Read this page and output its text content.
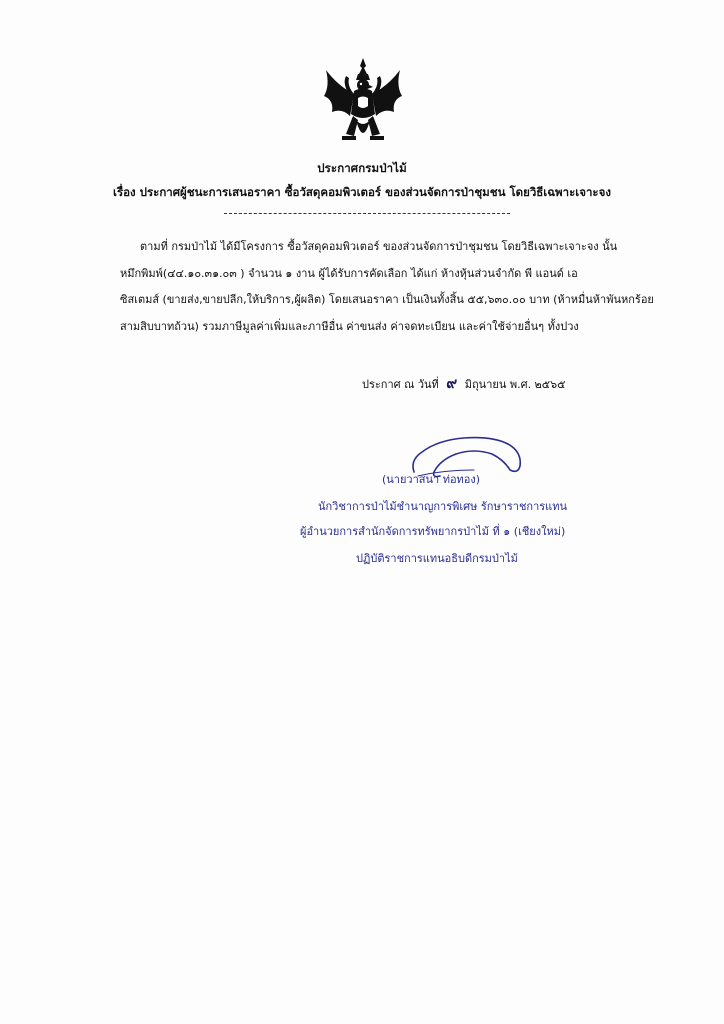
ประกาศกรมป่าไม้
เรื่อง ประกาศผู้ชนะการเสนอราคา ซื้อวัสดุคอมพิวเตอร์ ของส่วนจัดการป่าชุมชน โดยวิธีเฉพาะเจาะจง
ตามที่ กรมป่าไม้ ได้มีโครงการ ซื้อวัสดุคอมพิวเตอร์ ของส่วนจัดการป่าชุมชน โดยวิธีเฉพาะเจาะจง นั้น
หมึกพิมพ์(๔๔.๑๐.๓๑.๐๓ ) จำนวน ๑ งาน ผู้ได้รับการคัดเลือก ได้แก่ ห้างหุ้นส่วนจำกัด พี แอนด์ เอ
ซิสเตมส์ (ขายส่ง,ขายปลีก,ให้บริการ,ผู้ผลิต) โดยเสนอราคา เป็นเงินทั้งสิ้น ๕๕,๖๓๐.๐๐ บาท (ห้าหมื่นห้าพันหกร้อย
สามสิบบาทถ้วน) รวมภาษีมูลค่าเพิ่มและภาษีอื่น ค่าขนส่ง ค่าจดทะเบียน และค่าใช้จ่ายอื่นๆ ทั้งปวง
ประกาศ ณ วันที่ ๙ มิถุนายน พ.ศ. ๒๕๖๕
(นายวาสนา ท่อทอง)
นักวิชาการป่าไม้ชำนาญการพิเศษ รักษาราชการแทน
ผู้อำนวยการสำนักจัดการทรัพยากรป่าไม้ ที่ ๑ (เชียงใหม่)
ปฏิบัติราชการแทนอธิบดีกรมป่าไม้
